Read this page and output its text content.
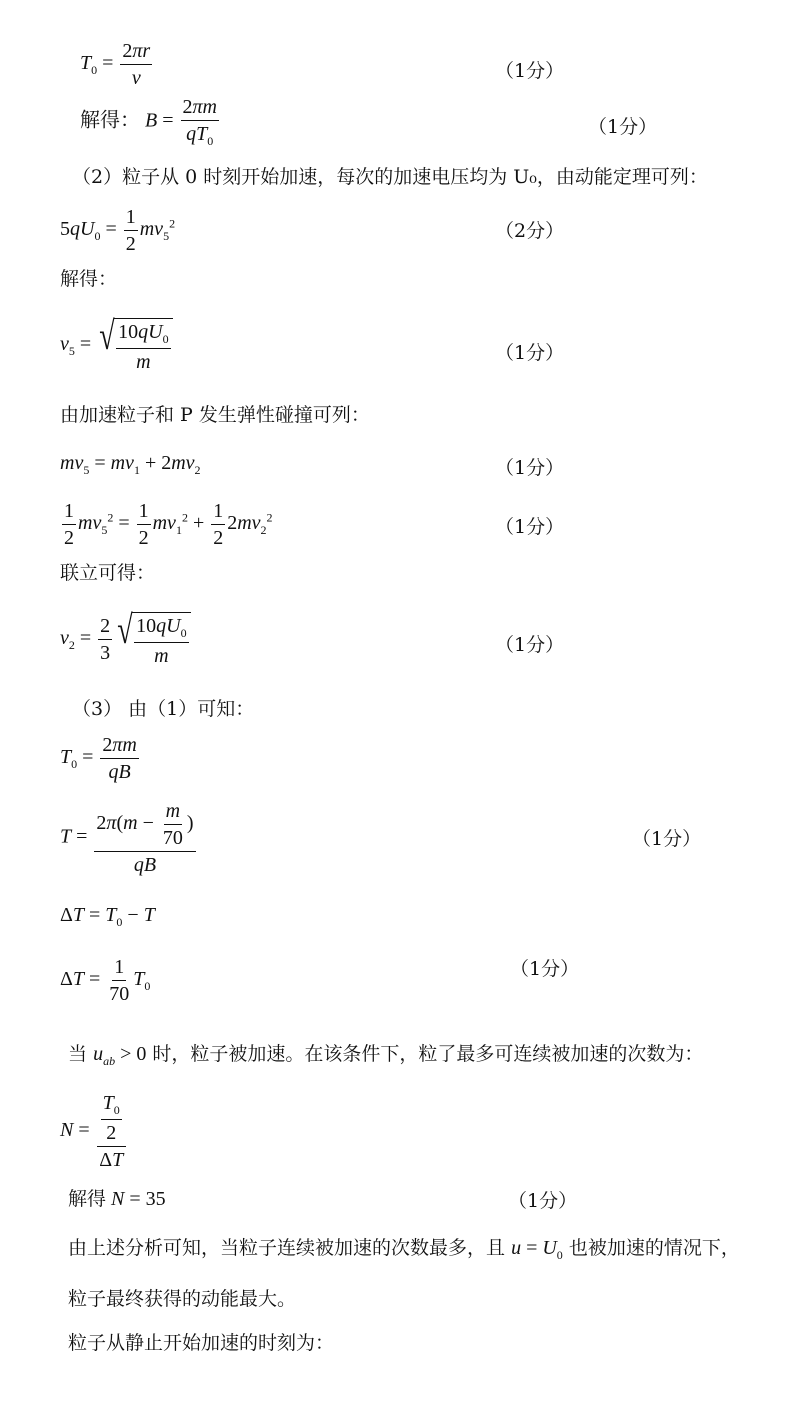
$T_0 = \frac{2\pi r}{v}$	（1分）
解得： $B = \frac{2\pi m}{qT_0}$	（1分）
（2）粒子从 0 时刻开始加速，每次的加速电压均为 U₀，由动能定理可列：
$5qU_0 = \frac{1}{2} mv_5^2$	（2分）
解得：
$v_5$ = √ $\frac{10qU_0}{m}$	（1分）
由加速粒子和 P 发生弹性碰撞可列：
$mv_5 = mv_1 + 2mv_2$	（1分）
$\frac{1}{2} mv_5^2 = \frac{1}{2} mv_1^2 + \frac{1}{2} 2mv_2^2$	（1分）
联立可得：
$v_2 = \frac{2}{3}$ √ $\frac{10qU_0}{m}$	（1分）
（3） 由（1）可知：
$T_0 = \frac{2\pi m}{qB}$
$T = \frac{2\pi(m - \frac{m}{70} )}{qB}$	（1分）
$\Delta T = T_0 - T$
$\Delta T = \frac{1}{70} T_0$
（1分）
当 $u_{ab} > 0$ 时，粒子被加速。在该条件下，粒了最多可连续被加速的次数为：
$N = \frac{\frac{T_0}{2}}{\Delta T}$
解得 N = 35	（1分）
由上述分析可知，当粒子连续被加速的次数最多，且 $u = U_0$ 也被加速的情况下，
粒子最终获得的动能最大。
粒子从静止开始加速的时刻为：
